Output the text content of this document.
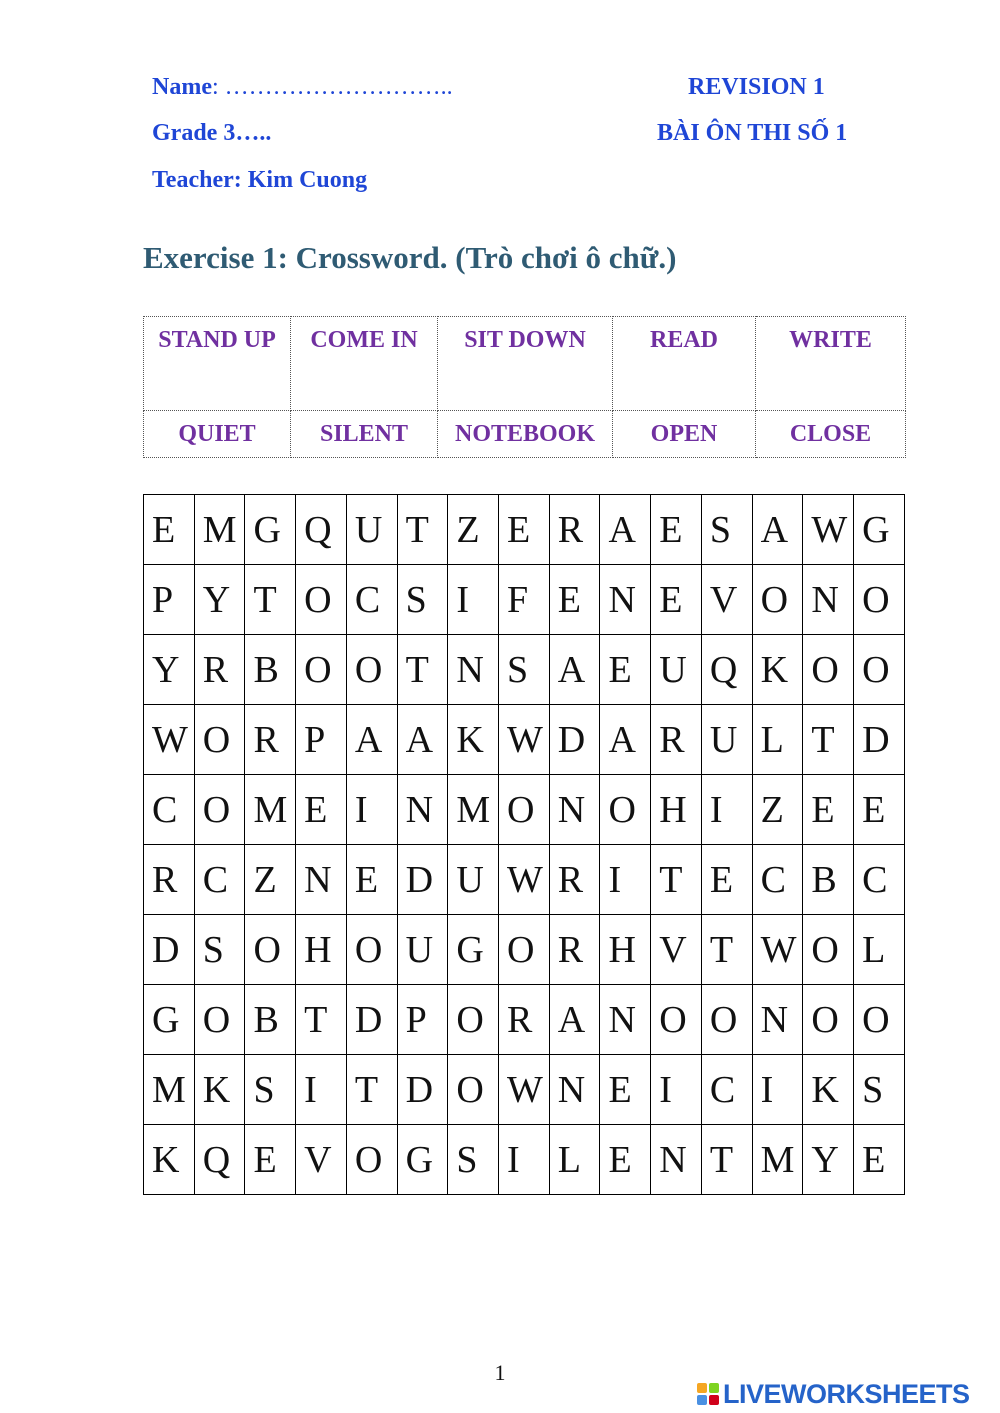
Name: ………………………..
Grade 3…..
Teacher: Kim Cuong
REVISION 1
BÀI ÔN THI SỐ 1
Exercise 1: Crossword. (Trò chơi ô chữ.)
STAND UP	COME IN	SIT DOWN	READ	WRITE
QUIET	SILENT	NOTEBOOK	OPEN	CLOSE
E	M	G	Q	U	T	Z	E	R	A	E	S	A	W	G
P	Y	T	O	C	S	I	F	E	N	E	V	O	N	O
Y	R	B	O	O	T	N	S	A	E	U	Q	K	O	O
W	O	R	P	A	A	K	W	D	A	R	U	L	T	D
C	O	M	E	I	N	M	O	N	O	H	I	Z	E	E
R	C	Z	N	E	D	U	W	R	I	T	E	C	B	C
D	S	O	H	O	U	G	O	R	H	V	T	W	O	L
G	O	B	T	D	P	O	R	A	N	O	O	N	O	O
M	K	S	I	T	D	O	W	N	E	I	C	I	K	S
K	Q	E	V	O	G	S	I	L	E	N	T	M	Y	E
1
LIVEWORKSHEETS
